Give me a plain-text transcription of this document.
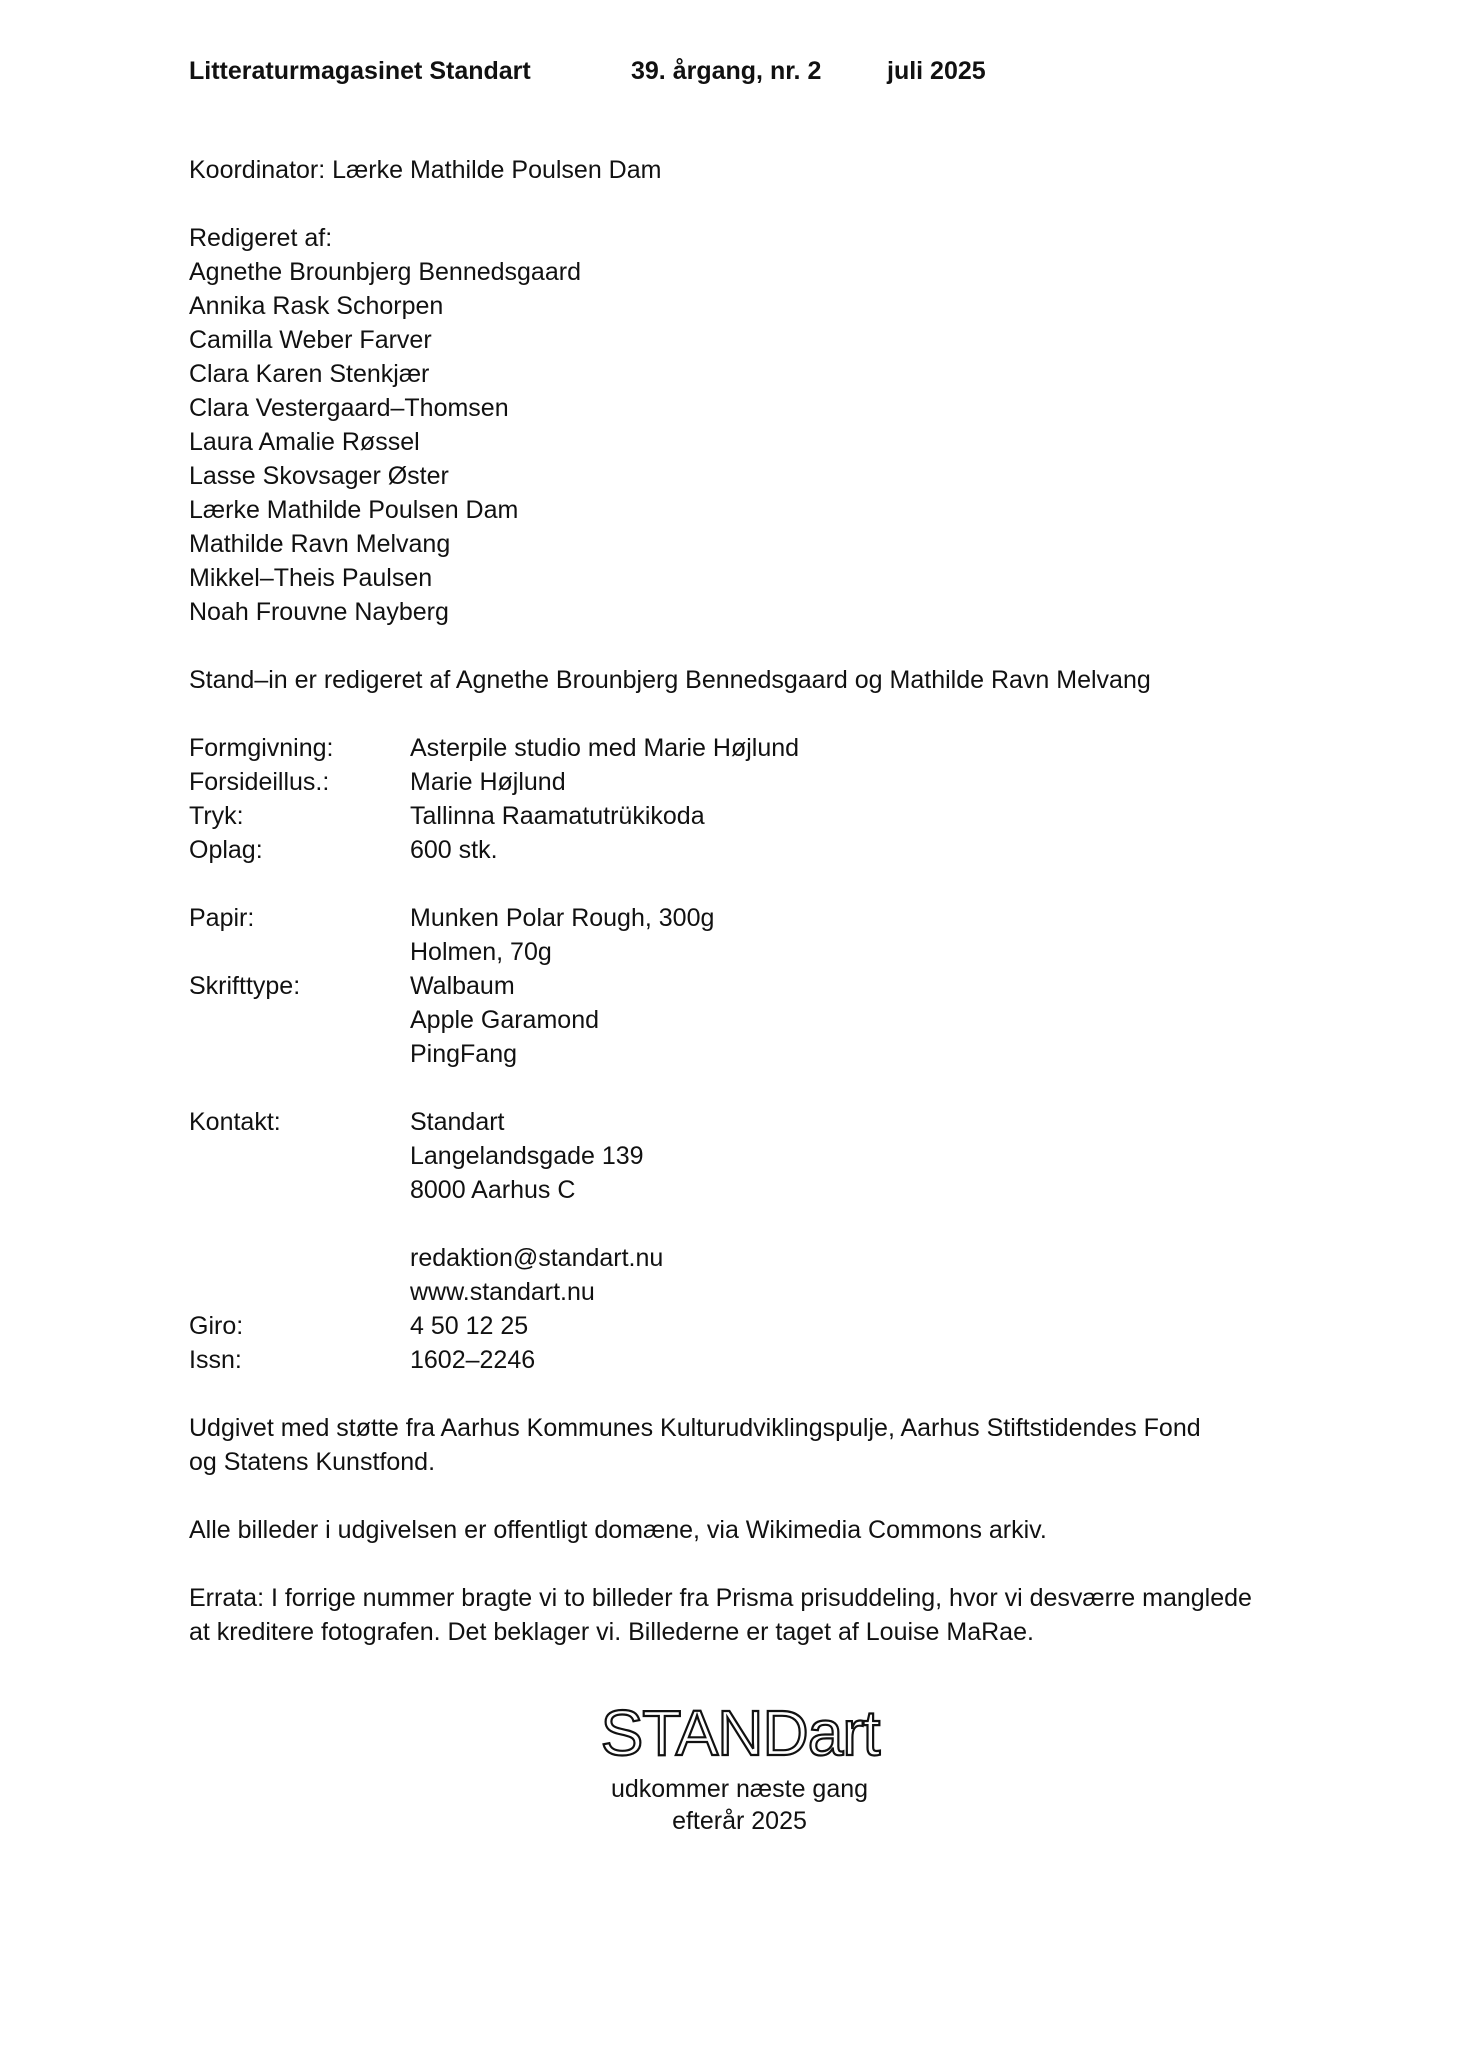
Litteraturmagasinet Standart	39. årgang, nr. 2	juli 2025
Koordinator: Lærke Mathilde Poulsen Dam
Redigeret af:
Agnethe Brounbjerg Bennedsgaard
Annika Rask Schorpen
Camilla Weber Farver
Clara Karen Stenkjær
Clara Vestergaard–Thomsen
Laura Amalie Røssel
Lasse Skovsager Øster
Lærke Mathilde Poulsen Dam
Mathilde Ravn Melvang
Mikkel–Theis Paulsen
Noah Frouvne Nayberg
Stand–in er redigeret af Agnethe Brounbjerg Bennedsgaard og Mathilde Ravn Melvang
Formgivning:	Asterpile studio med Marie Højlund
Forsideillus.:	Marie Højlund
Tryk:	Tallinna Raamatutrükikoda
Oplag:	600 stk.
Papir:	Munken Polar Rough, 300g
Holmen, 70g
Skrifttype:	Walbaum
Apple Garamond
PingFang
Kontakt:	Standart
Langelandsgade 139
8000 Aarhus C
redaktion@standart.nu
www.standart.nu
Giro:	4 50 12 25
Issn:	1602–2246
Udgivet med støtte fra Aarhus Kommunes Kulturudviklingspulje, Aarhus Stiftstidendes Fond
og Statens Kunstfond.
Alle billeder i udgivelsen er offentligt domæne, via Wikimedia Commons arkiv.
Errata: I forrige nummer bragte vi to billeder fra Prisma prisuddeling, hvor vi desværre manglede
at kreditere fotografen. Det beklager vi. Billederne er taget af Louise MaRae.
STANDart
udkommer næste gang
efterår 2025
